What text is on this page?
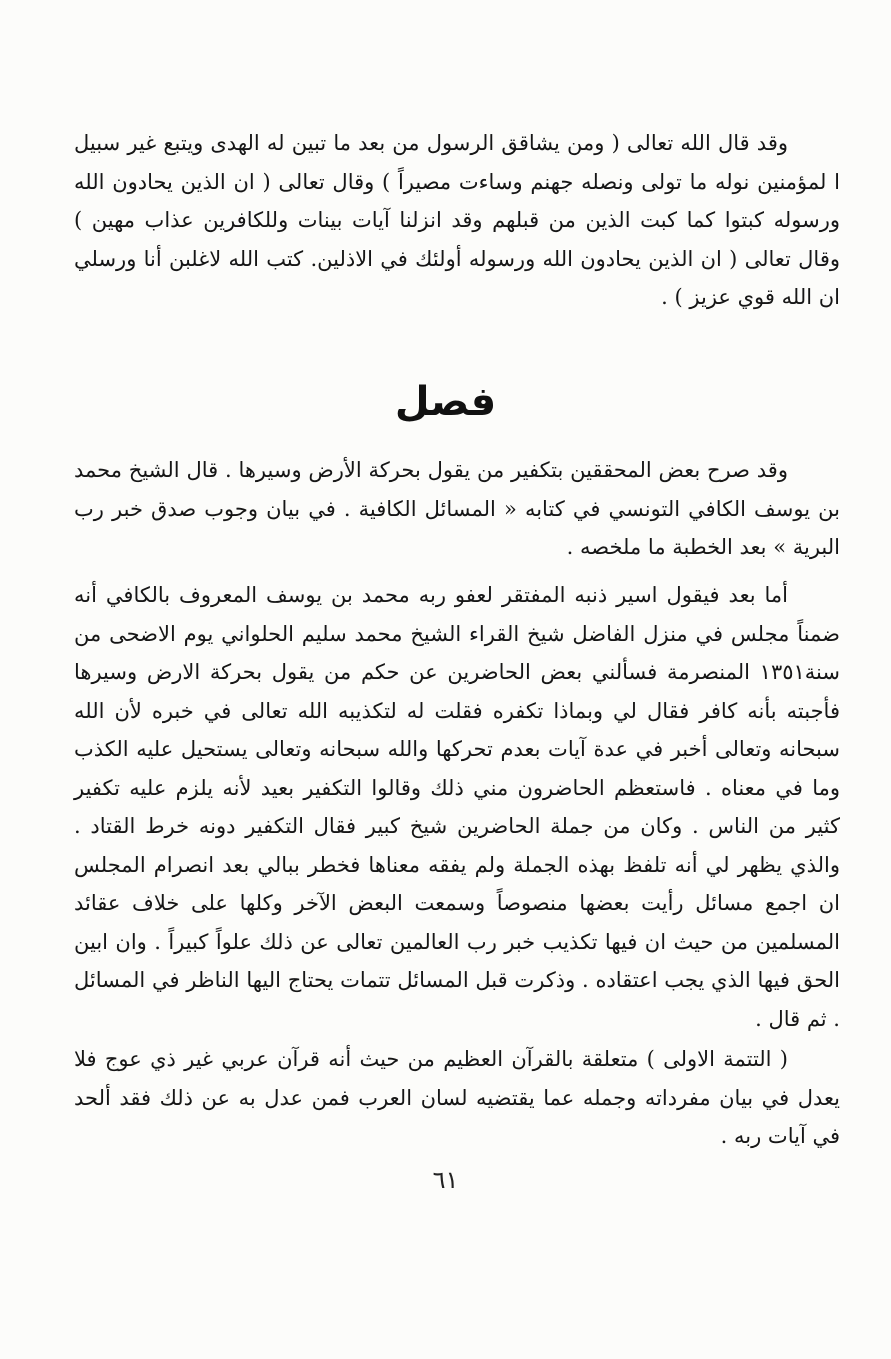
وقد قال الله تعالى ( ومن يشاقق الرسول من بعد ما تبين له الهدى ويتبع غير سبيل ا لمؤمنين نوله ما تولى ونصله جهنم وساءت مصيراً ) وقال تعالى ( ان الذين يحادون الله ورسوله كبتوا كما كبت الذين من قبلهم وقد انزلنا آيات بينات وللكافرين عذاب مهين ) وقال تعالى ( ان الذين يحادون الله ورسوله أولئك في الاذلين. كتب الله لاغلبن أنا ورسلي ان الله قوي عزيز ) .

فصل

وقد صرح بعض المحققين بتكفير من يقول بحركة الأرض وسيرها . قال الشيخ محمد بن يوسف الكافي التونسي في كتابه « المسائل الكافية . في بيان وجوب صدق خبر رب البرية » بعد الخطبة ما ملخصه .

أما بعد فيقول اسير ذنبه المفتقر لعفو ربه محمد بن يوسف المعروف بالكافي أنه ضمناً مجلس في منزل الفاضل شيخ القراء الشيخ محمد سليم الحلواني يوم الاضحى من سنة١٣٥١ المنصرمة فسألني بعض الحاضرين عن حكم من يقول بحركة الارض وسيرها فأجبته بأنه كافر فقال لي وبماذا تكفره فقلت له لتكذيبه الله تعالى في خبره لأن الله سبحانه وتعالى أخبر في عدة آيات بعدم تحركها والله سبحانه وتعالى يستحيل عليه الكذب وما في معناه . فاستعظم الحاضرون مني ذلك وقالوا التكفير بعيد لأنه يلزم عليه تكفير كثير من الناس . وكان من جملة الحاضرين شيخ كبير فقال التكفير دونه خرط القتاد . والذي يظهر لي أنه تلفظ بهذه الجملة ولم يفقه معناها فخطر ببالي بعد انصرام المجلس ان اجمع مسائل رأيت بعضها منصوصاً وسمعت البعض الآخر وكلها على خلاف عقائد المسلمين من حيث ان فيها تكذيب خبر رب العالمين تعالى عن ذلك علواً كبيراً . وان ابين الحق فيها الذي يجب اعتقاده . وذكرت قبل المسائل تتمات يحتاج اليها الناظر في المسائل . ثم قال .

( التتمة الاولى ) متعلقة بالقرآن العظيم من حيث أنه قرآن عربي غير ذي عوج فلا يعدل في بيان مفرداته وجمله عما يقتضيه لسان العرب فمن عدل به عن ذلك فقد ألحد في آيات ربه .

٦١
